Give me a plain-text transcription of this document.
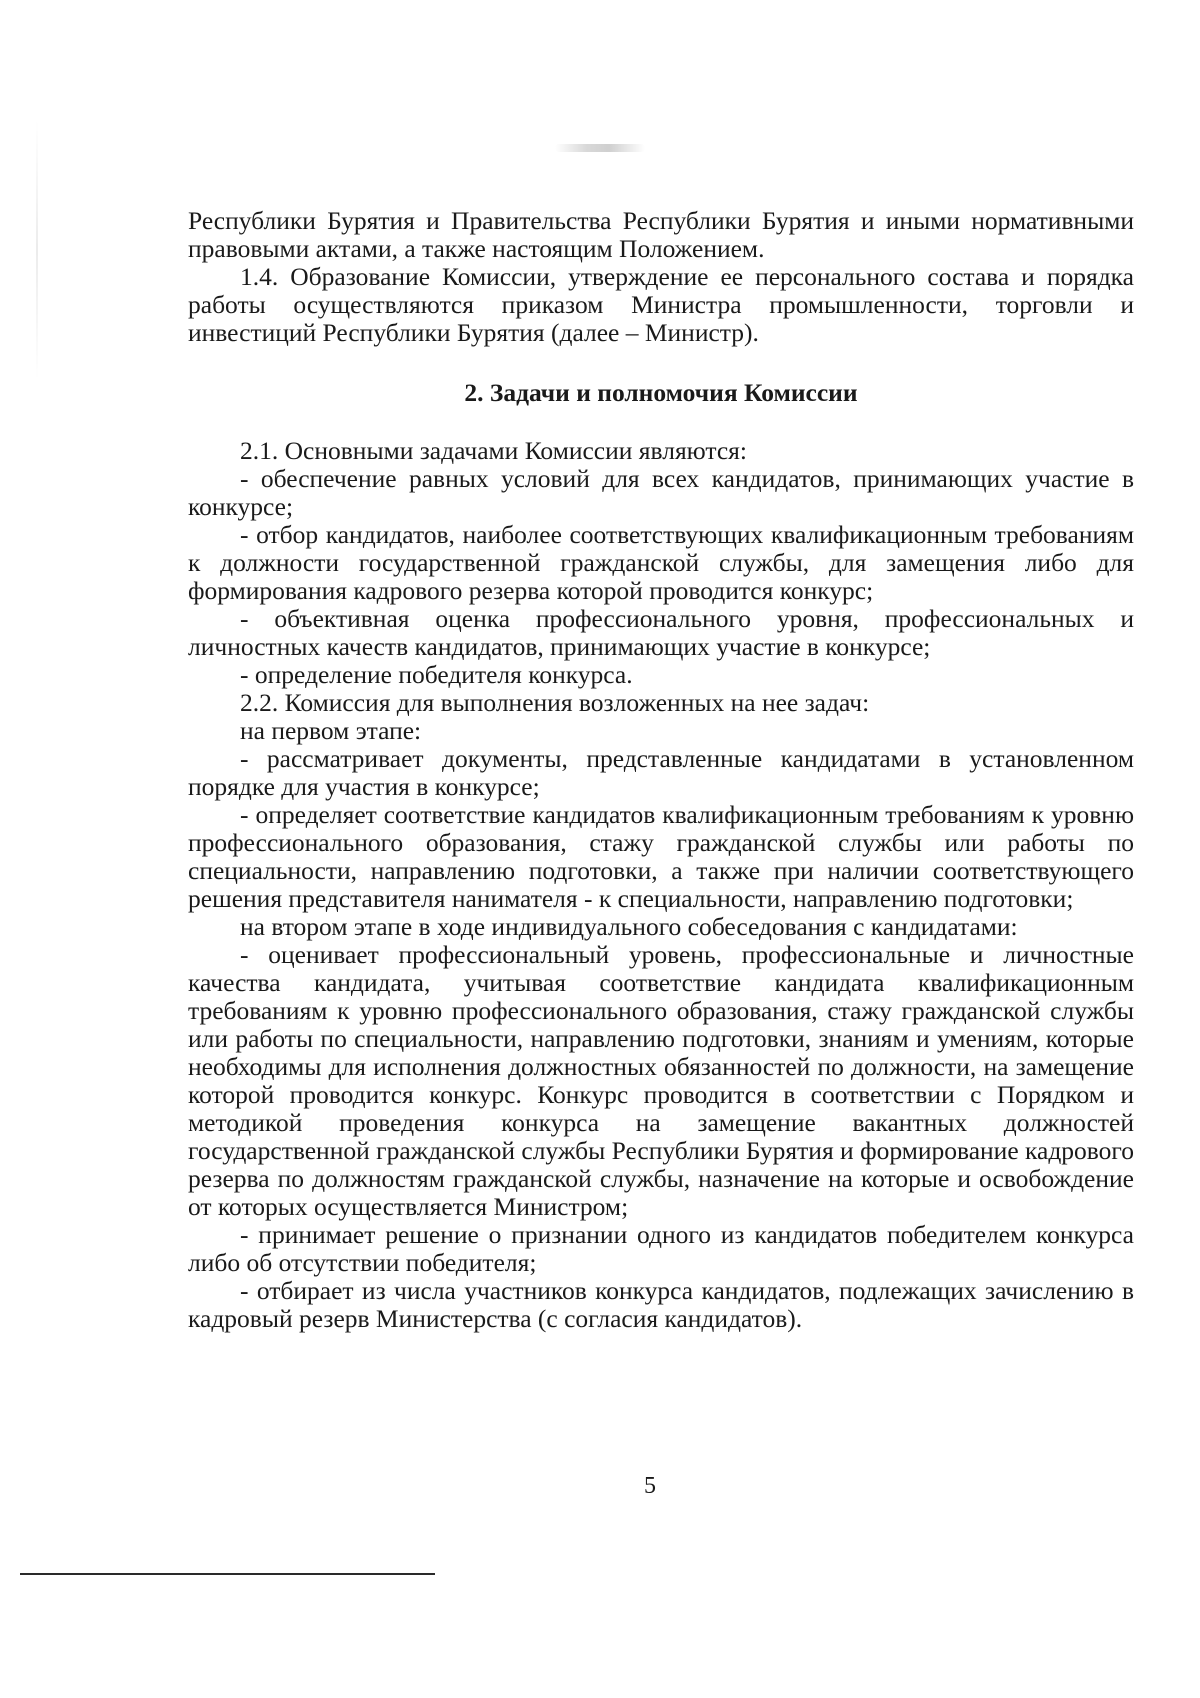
Республики Бурятия и Правительства Республики Бурятия и иными нормативными правовыми актами, а также настоящим Положением.

1.4. Образование Комиссии, утверждение ее персонального состава и порядка работы осуществляются приказом Министра промышленности, торговли и инвестиций Республики Бурятия (далее – Министр).

2. Задачи и полномочия Комиссии

2.1. Основными задачами Комиссии являются:

- обеспечение равных условий для всех кандидатов, принимающих участие в конкурсе;

- отбор кандидатов, наиболее соответствующих квалификационным требованиям к должности государственной гражданской службы, для замещения либо для формирования кадрового резерва которой проводится конкурс;

- объективная оценка профессионального уровня, профессиональных и личностных качеств кандидатов, принимающих участие в конкурсе;

- определение победителя конкурса.

2.2. Комиссия для выполнения возложенных на нее задач:

на первом этапе:

- рассматривает документы, представленные кандидатами в установленном порядке для участия в конкурсе;

- определяет соответствие кандидатов квалификационным требованиям к уровню профессионального образования, стажу гражданской службы или работы по специальности, направлению подготовки, а также при наличии соответствующего решения представителя нанимателя - к специальности, направлению подготовки;

на втором этапе в ходе индивидуального собеседования с кандидатами:

- оценивает профессиональный уровень, профессиональные и личностные качества кандидата, учитывая соответствие кандидата квалификационным требованиям к уровню профессионального образования, стажу гражданской службы или работы по специальности, направлению подготовки, знаниям и умениям, которые необходимы для исполнения должностных обязанностей по должности, на замещение которой проводится конкурс. Конкурс проводится в соответствии с Порядком и методикой проведения конкурса на замещение вакантных должностей государственной гражданской службы Республики Бурятия и формирование кадрового резерва по должностям гражданской службы, назначение на которые и освобождение от которых осуществляется Министром;

- принимает решение о признании одного из кандидатов победителем конкурса либо об отсутствии победителя;

- отбирает из числа участников конкурса кандидатов, подлежащих зачислению в кадровый резерв Министерства (с согласия кандидатов).

5
